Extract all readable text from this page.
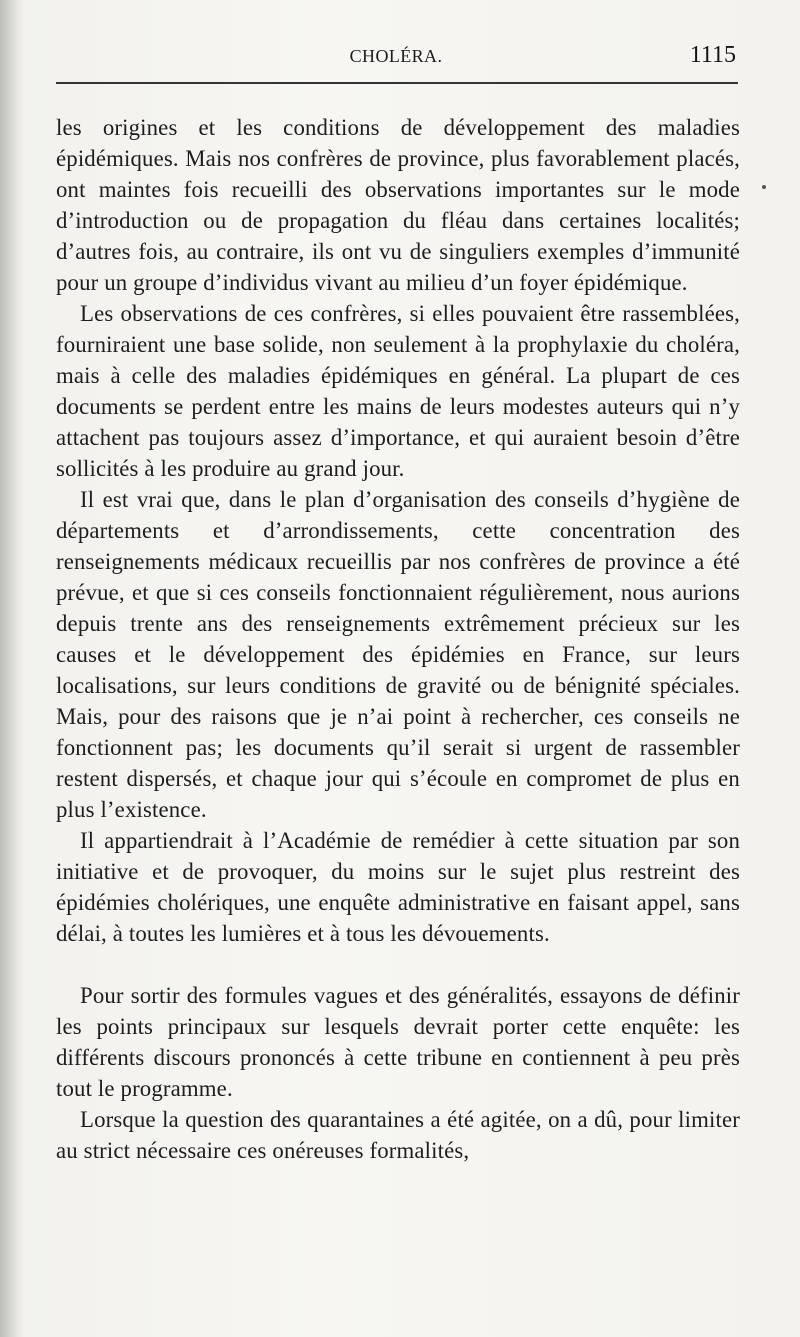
CHOLÉRA.	1115

les origines et les conditions de développement des maladies épidémiques. Mais nos confrères de province, plus favorablement placés, ont maintes fois recueilli des observations importantes sur le mode d’introduction ou de propagation du fléau dans certaines localités; d’autres fois, au contraire, ils ont vu de singuliers exemples d’immunité pour un groupe d’individus vivant au milieu d’un foyer épidémique.

Les observations de ces confrères, si elles pouvaient être rassemblées, fourniraient une base solide, non seulement à la prophylaxie du choléra, mais à celle des maladies épidémiques en général. La plupart de ces documents se perdent entre les mains de leurs modestes auteurs qui n’y attachent pas toujours assez d’importance, et qui auraient besoin d’être sollicités à les produire au grand jour.

Il est vrai que, dans le plan d’organisation des conseils d’hygiène de départements et d’arrondissements, cette concentration des renseignements médicaux recueillis par nos confrères de province a été prévue, et que si ces conseils fonctionnaient régulièrement, nous aurions depuis trente ans des renseignements extrêmement précieux sur les causes et le développement des épidémies en France, sur leurs localisations, sur leurs conditions de gravité ou de bénignité spéciales. Mais, pour des raisons que je n’ai point à rechercher, ces conseils ne fonctionnent pas; les documents qu’il serait si urgent de rassembler restent dispersés, et chaque jour qui s’écoule en compromet de plus en plus l’existence.

Il appartiendrait à l’Académie de remédier à cette situation par son initiative et de provoquer, du moins sur le sujet plus restreint des épidémies cholériques, une enquête administrative en faisant appel, sans délai, à toutes les lumières et à tous les dévouements.

Pour sortir des formules vagues et des généralités, essayons de définir les points principaux sur lesquels devrait porter cette enquête: les différents discours prononcés à cette tribune en contiennent à peu près tout le programme.

Lorsque la question des quarantaines a été agitée, on a dû, pour limiter au strict nécessaire ces onéreuses formalités,
